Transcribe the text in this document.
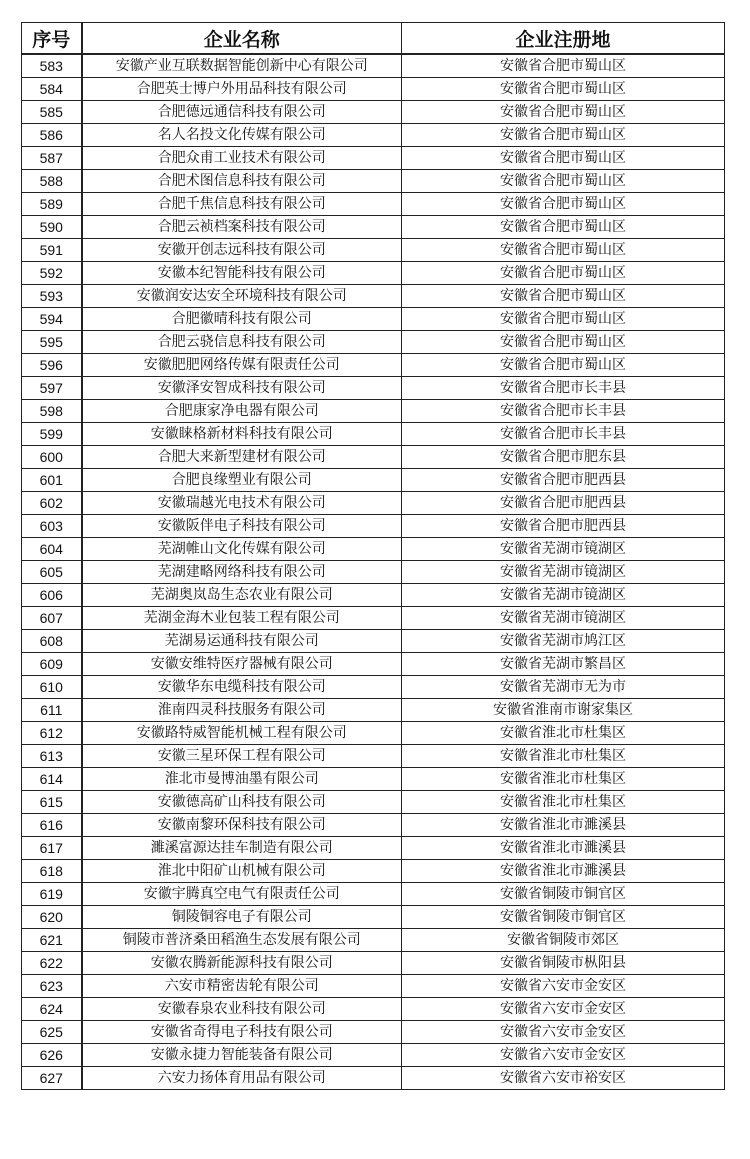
序号	企业名称	企业注册地
583	安徽产业互联数据智能创新中心有限公司	安徽省合肥市蜀山区
584	合肥英士博户外用品科技有限公司	安徽省合肥市蜀山区
585	合肥德远通信科技有限公司	安徽省合肥市蜀山区
586	名人名投文化传媒有限公司	安徽省合肥市蜀山区
587	合肥众甫工业技术有限公司	安徽省合肥市蜀山区
588	合肥术图信息科技有限公司	安徽省合肥市蜀山区
589	合肥千焦信息科技有限公司	安徽省合肥市蜀山区
590	合肥云祯档案科技有限公司	安徽省合肥市蜀山区
591	安徽开创志远科技有限公司	安徽省合肥市蜀山区
592	安徽本纪智能科技有限公司	安徽省合肥市蜀山区
593	安徽润安达安全环境科技有限公司	安徽省合肥市蜀山区
594	合肥徽晴科技有限公司	安徽省合肥市蜀山区
595	合肥云骁信息科技有限公司	安徽省合肥市蜀山区
596	安徽肥肥网络传媒有限责任公司	安徽省合肥市蜀山区
597	安徽泽安智成科技有限公司	安徽省合肥市长丰县
598	合肥康家净电器有限公司	安徽省合肥市长丰县
599	安徽睐格新材料科技有限公司	安徽省合肥市长丰县
600	合肥大来新型建材有限公司	安徽省合肥市肥东县
601	合肥良缘塑业有限公司	安徽省合肥市肥西县
602	安徽瑞越光电技术有限公司	安徽省合肥市肥西县
603	安徽阪伴电子科技有限公司	安徽省合肥市肥西县
604	芜湖帷山文化传媒有限公司	安徽省芜湖市镜湖区
605	芜湖建略网络科技有限公司	安徽省芜湖市镜湖区
606	芜湖奥岚岛生态农业有限公司	安徽省芜湖市镜湖区
607	芜湖金海木业包装工程有限公司	安徽省芜湖市镜湖区
608	芜湖易运通科技有限公司	安徽省芜湖市鸠江区
609	安徽安维特医疗器械有限公司	安徽省芜湖市繁昌区
610	安徽华东电缆科技有限公司	安徽省芜湖市无为市
611	淮南四灵科技服务有限公司	安徽省淮南市谢家集区
612	安徽路特威智能机械工程有限公司	安徽省淮北市杜集区
613	安徽三星环保工程有限公司	安徽省淮北市杜集区
614	淮北市曼博油墨有限公司	安徽省淮北市杜集区
615	安徽德高矿山科技有限公司	安徽省淮北市杜集区
616	安徽南黎环保科技有限公司	安徽省淮北市濉溪县
617	濉溪富源达挂车制造有限公司	安徽省淮北市濉溪县
618	淮北中阳矿山机械有限公司	安徽省淮北市濉溪县
619	安徽宇腾真空电气有限责任公司	安徽省铜陵市铜官区
620	铜陵铜容电子有限公司	安徽省铜陵市铜官区
621	铜陵市普济桑田稻渔生态发展有限公司	安徽省铜陵市郊区
622	安徽农腾新能源科技有限公司	安徽省铜陵市枞阳县
623	六安市精密齿轮有限公司	安徽省六安市金安区
624	安徽春泉农业科技有限公司	安徽省六安市金安区
625	安徽省奇得电子科技有限公司	安徽省六安市金安区
626	安徽永捷力智能装备有限公司	安徽省六安市金安区
627	六安力扬体育用品有限公司	安徽省六安市裕安区
